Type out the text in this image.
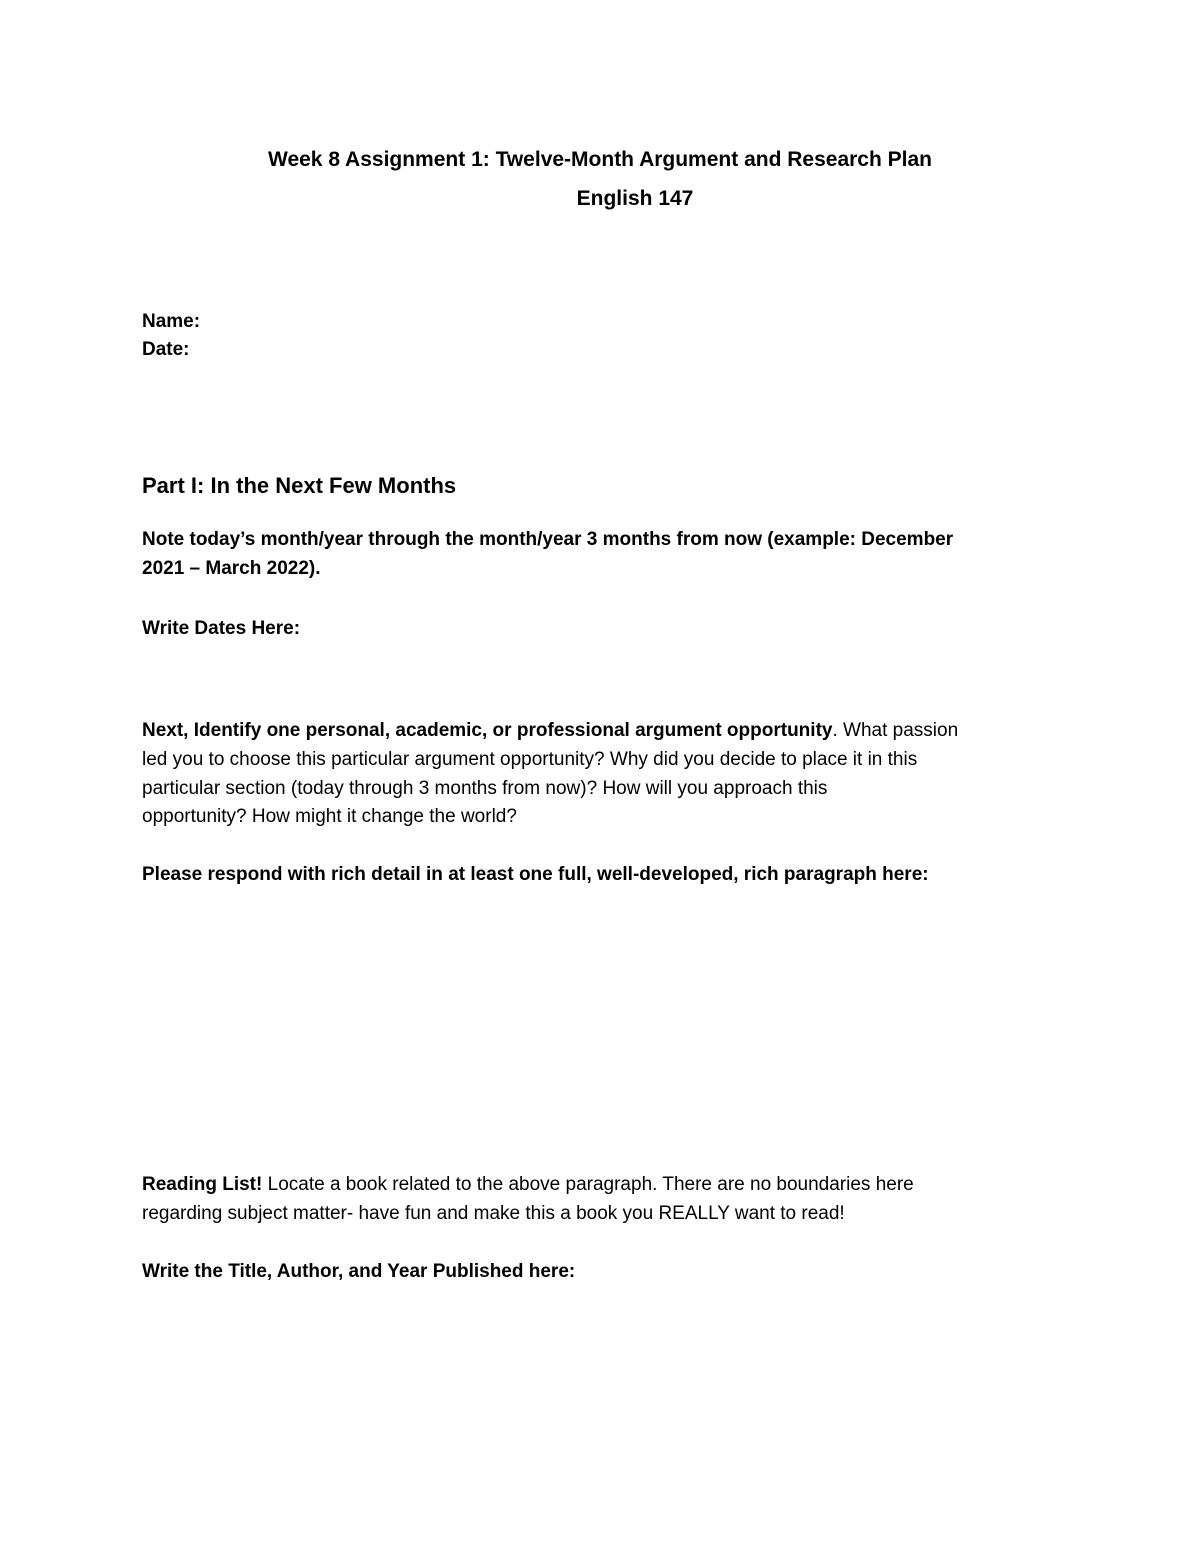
Week 8 Assignment 1: Twelve-Month Argument and Research Plan
English 147
Name:
Date:
Part I: In the Next Few Months

Note today’s month/year through the month/year 3 months from now (example: December
2021 – March 2022).

Write Dates Here:

Next, Identify one personal, academic, or professional argument opportunity. What passion
led you to choose this particular argument opportunity? Why did you decide to place it in this
particular section (today through 3 months from now)? How will you approach this
opportunity? How might it change the world?

Please respond with rich detail in at least one full, well-developed, rich paragraph here:

Reading List! Locate a book related to the above paragraph. There are no boundaries here
regarding subject matter- have fun and make this a book you REALLY want to read!

Write the Title, Author, and Year Published here:
